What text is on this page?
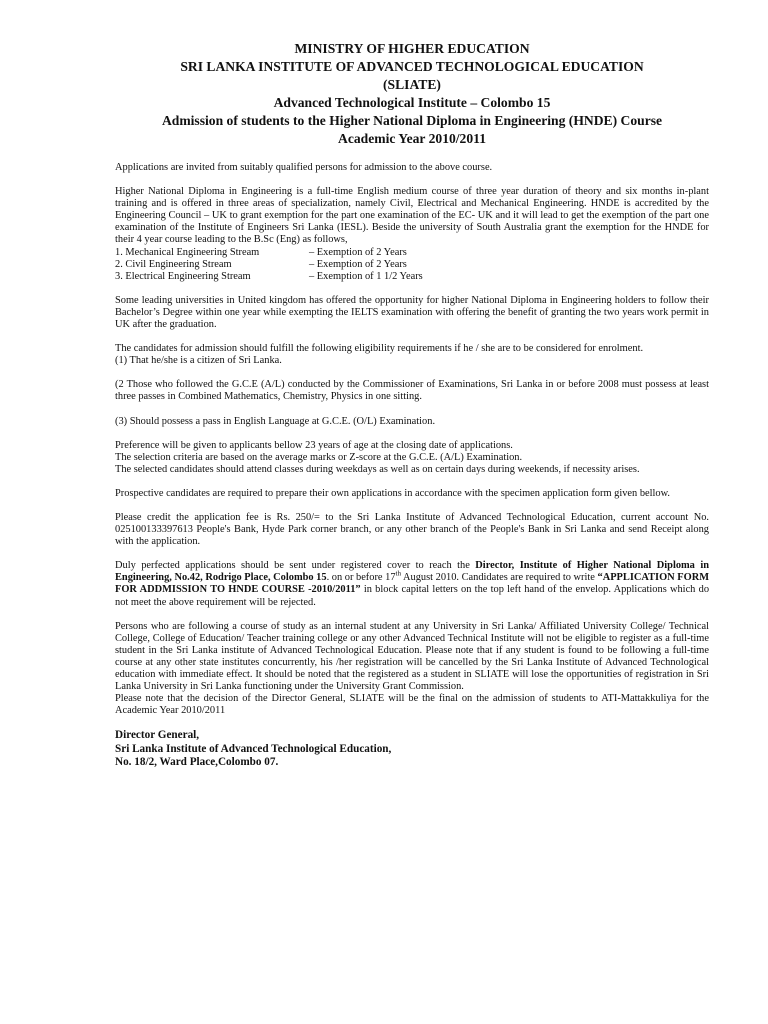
MINISTRY OF HIGHER EDUCATION
SRI LANKA INSTITUTE OF ADVANCED TECHNOLOGICAL EDUCATION
(SLIATE)
Advanced Technological Institute – Colombo 15
Admission of students to the Higher National Diploma in Engineering (HNDE) Course
Academic Year 2010/2011

Applications are invited from suitably qualified persons for admission to the above course.

Higher National Diploma in Engineering is a full-time English medium course of three year duration of theory and six months in-plant training and is offered in three areas of specialization, namely Civil, Electrical and Mechanical Engineering. HNDE is accredited by the Engineering Council – UK to grant exemption for the part one examination of the EC- UK and it will lead to get the exemption of the part one examination of the Institute of Engineers Sri Lanka (IESL). Beside the university of South Australia grant the exemption for the HNDE for their 4 year course leading to the B.Sc (Eng) as follows,

1. Mechanical Engineering Stream	– Exemption of 2 Years
2. Civil Engineering Stream	– Exemption of 2 Years
3. Electrical Engineering Stream	– Exemption of 1 1/2 Years

Some leading universities in United kingdom has offered the opportunity for higher National Diploma in Engineering holders to follow their Bachelor’s Degree within one year while exempting the IELTS examination with offering the benefit of granting the two years work permit in UK after the graduation.

The candidates for admission should fulfill the following eligibility requirements if he / she are to be considered for enrolment.

(1) That he/she is a citizen of Sri Lanka.

(2 Those who followed the G.C.E (A/L) conducted by the Commissioner of Examinations, Sri Lanka in or before 2008 must possess at least three passes in Combined Mathematics, Chemistry, Physics in one sitting.

(3) Should possess a pass in English Language at G.C.E. (O/L) Examination.

Preference will be given to applicants bellow 23 years of age at the closing date of applications.

The selection criteria are based on the average marks or Z-score at the G.C.E. (A/L) Examination.

The selected candidates should attend classes during weekdays as well as on certain days during weekends, if necessity arises.

Prospective candidates are required to prepare their own applications in accordance with the specimen application form given bellow.

Please credit the application fee is Rs. 250/= to the Sri Lanka Institute of Advanced Technological Education, current account No. 025100133397613 People's Bank, Hyde Park corner branch, or any other branch of the People's Bank in Sri Lanka and send Receipt along with the application.

Duly perfected applications should be sent under registered cover to reach the Director, Institute of Higher National Diploma in Engineering, No.42, Rodrigo Place, Colombo 15. on or before 17th August 2010. Candidates are required to write “APPLICATION FORM FOR ADDMISSION TO HNDE COURSE -2010/2011” in block capital letters on the top left hand of the envelop. Applications which do not meet the above requirement will be rejected.

Persons who are following a course of study as an internal student at any University in Sri Lanka/ Affiliated University College/ Technical College, College of Education/ Teacher training college or any other Advanced Technical Institute will not be eligible to register as a full-time student in the Sri Lanka institute of Advanced Technological Education. Please note that if any student is found to be following a full-time course at any other state institutes concurrently, his /her registration will be cancelled by the Sri Lanka Institute of Advanced Technological education with immediate effect. It should be noted that the registered as a student in SLIATE will lose the opportunities of registration in Sri Lanka University in Sri Lanka functioning under the University Grant Commission.

Please note that the decision of the Director General, SLIATE will be the final on the admission of students to ATI-Mattakkuliya for the Academic Year 2010/2011

Director General,

Sri Lanka Institute of Advanced Technological Education,

No. 18/2, Ward Place,Colombo 07.
